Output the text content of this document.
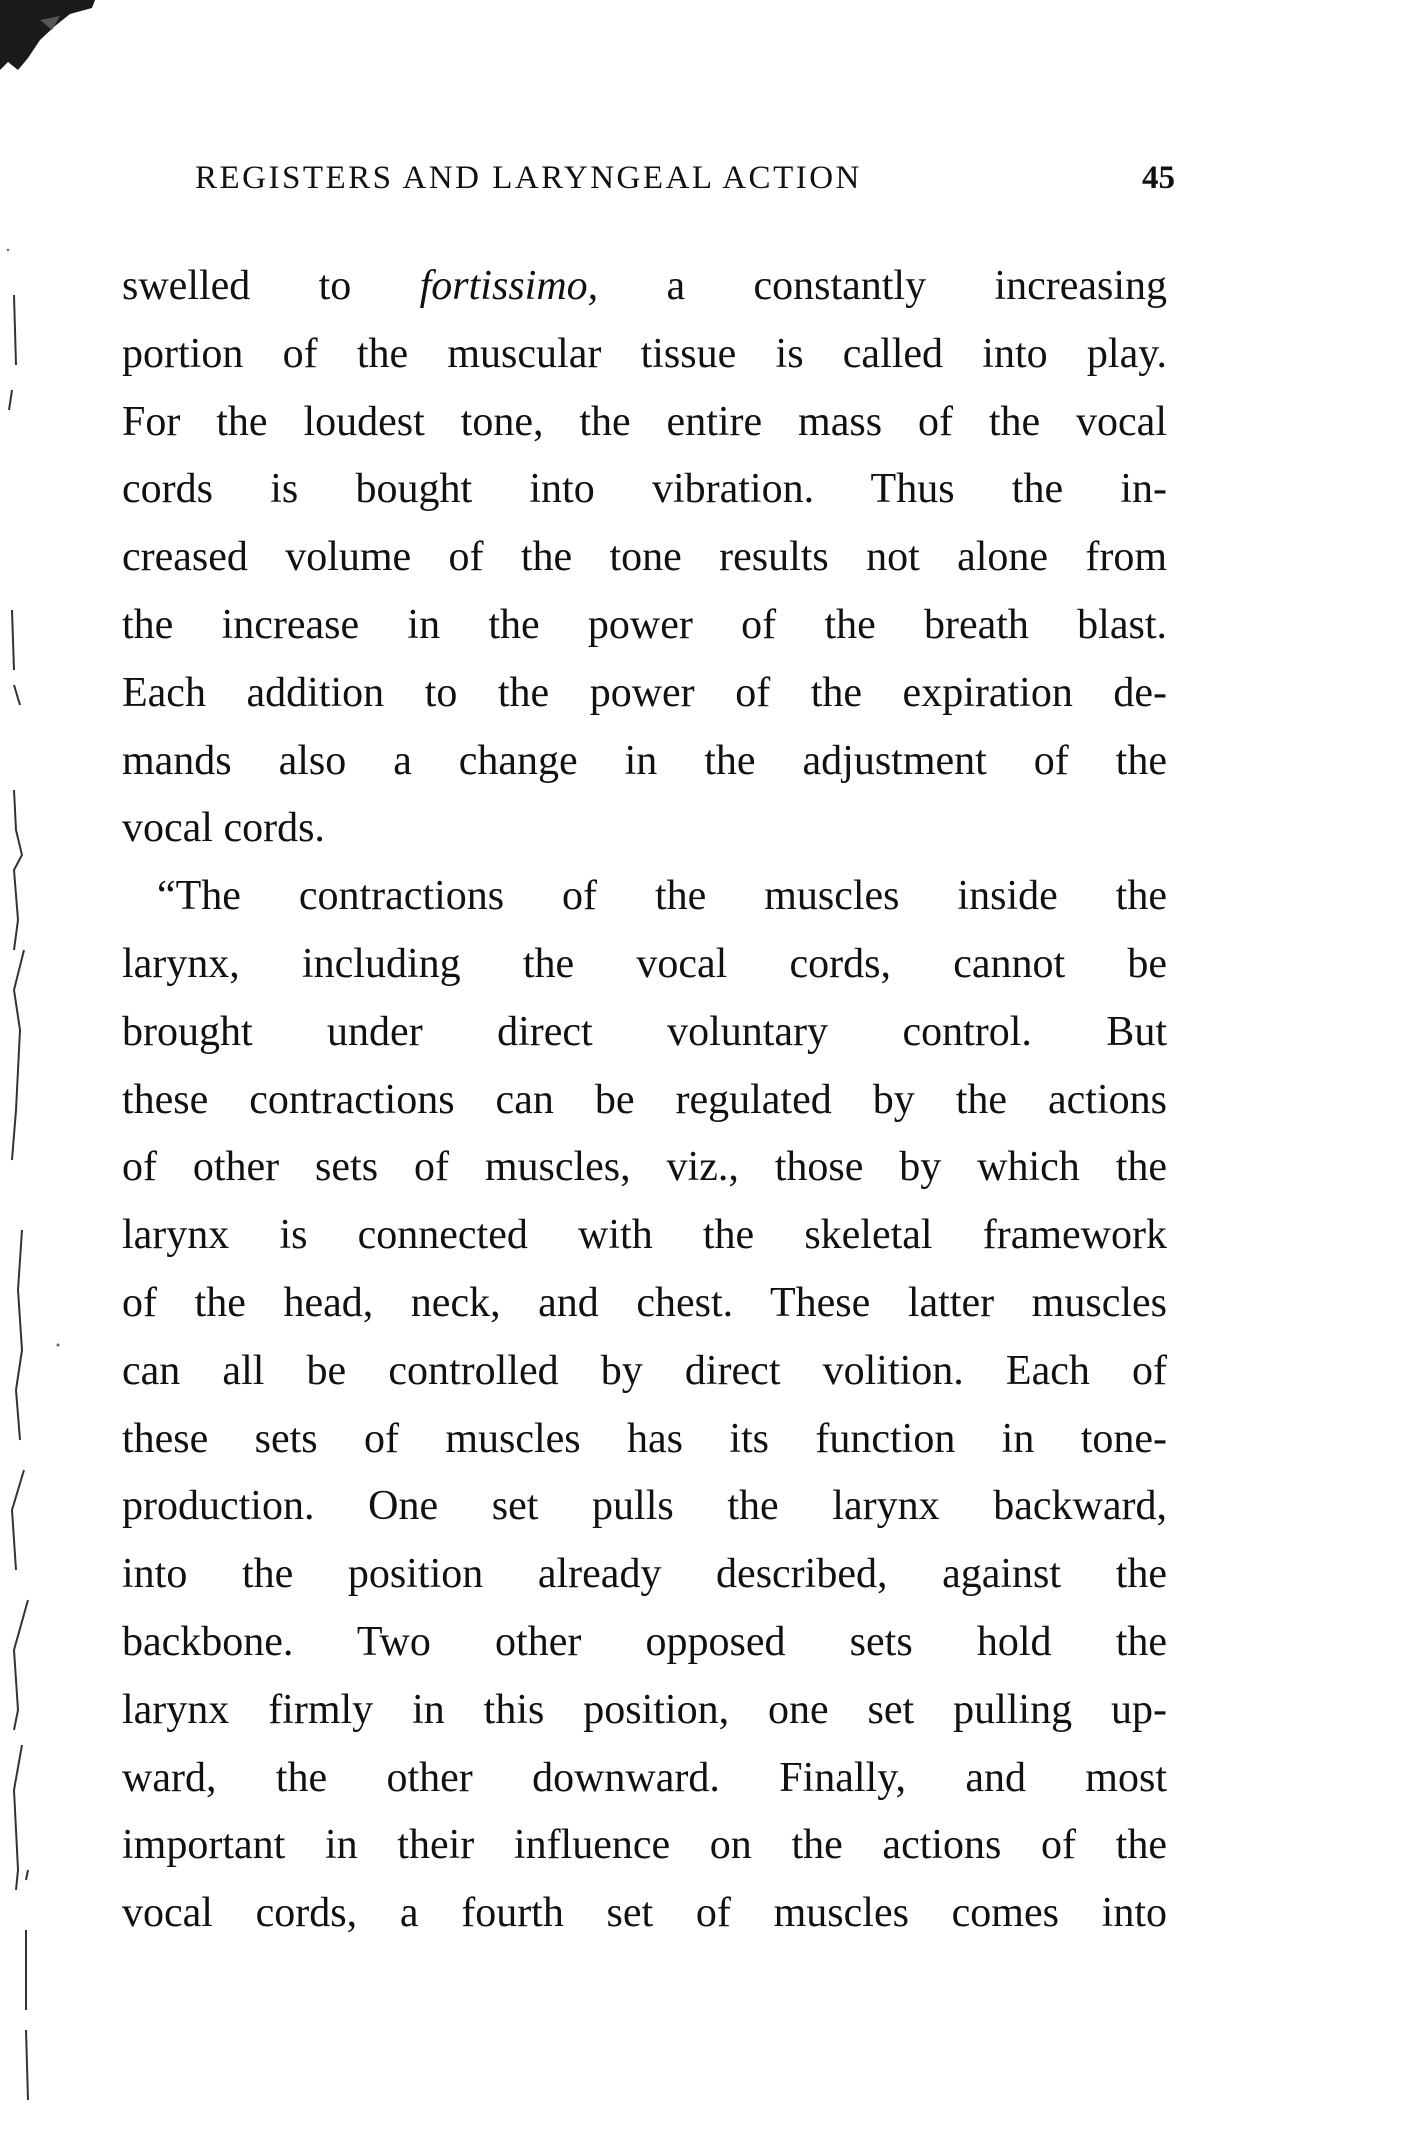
REGISTERS AND LARYNGEAL ACTION	45
swelled to fortissimo, a constantly increasing
portion of the muscular tissue is called into play.
For the loudest tone, the entire mass of the vocal
cords is bought into vibration. Thus the in-
creased volume of the tone results not alone from
the increase in the power of the breath blast.
Each addition to the power of the expiration de-
mands also a change in the adjustment of the
vocal cords.
“The contractions of the muscles inside the
larynx, including the vocal cords, cannot be
brought under direct voluntary control. But
these contractions can be regulated by the actions
of other sets of muscles, viz., those by which the
larynx is connected with the skeletal framework
of the head, neck, and chest. These latter muscles
can all be controlled by direct volition. Each of
these sets of muscles has its function in tone-
production. One set pulls the larynx backward,
into the position already described, against the
backbone. Two other opposed sets hold the
larynx firmly in this position, one set pulling up-
ward, the other downward. Finally, and most
important in their influence on the actions of the
vocal cords, a fourth set of muscles comes into
